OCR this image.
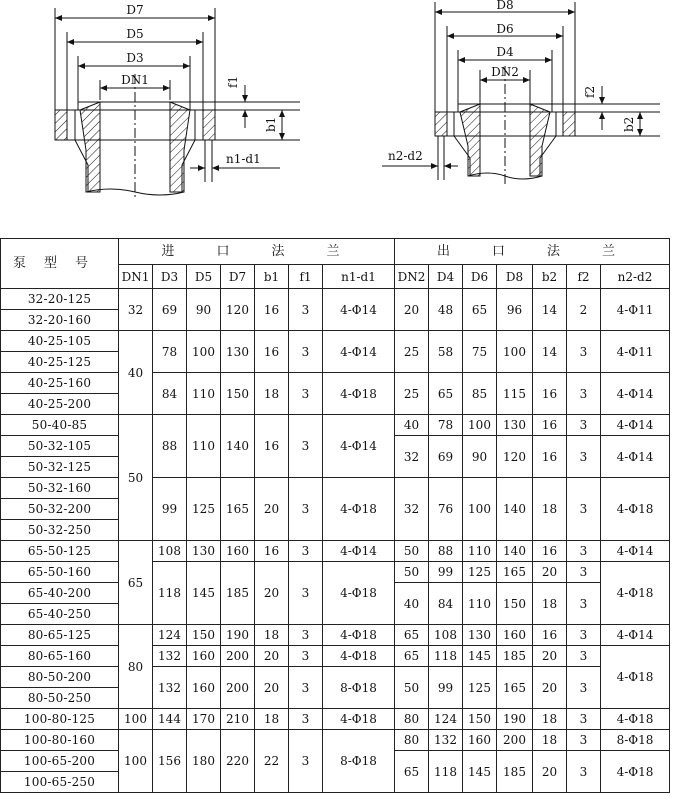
D7
D5
D3
DN1	f1
b1
n1-d1
D8
D6
D4
DN2
f2
b2
n2-d2
泵型号	进口法兰							出口法兰						
	DN1	D3	D5	D7	b1	f1	n1-d1	DN2	D4	D6	D8	b2	f2	n2-d2
32-20-125	32	69	90	120	16	3	4-Φ14	20	48	65	96	14	2	4-Φ11
32-20-160														
40-25-105	40	78	100	130	16	3	4-Φ14	25	58	75	100	14	3	4-Φ11
40-25-125														
40-25-160		84	110	150	18	3	4-Φ18	25	65	85	115	16	3	4-Φ14
40-25-200														
50-40-85	50	88	110	140	16	3	4-Φ14	40	78	100	130	16	3	4-Φ14
50-32-105								32	69	90	120	16	3	4-Φ14
50-32-125														
50-32-160		99	125	165	20	3	4-Φ18	32	76	100	140	18	3	4-Φ18
50-32-200														
50-32-250														
65-50-125	65	108	130	160	16	3	4-Φ14	50	88	110	140	16	3	4-Φ14
65-50-160		118	145	185	20	3	4-Φ18	50	99	125	165	20	3	4-Φ18
65-40-200								40	84	110	150	18	3	
65-40-250														
80-65-125	80	124	150	190	18	3	4-Φ18	65	108	130	160	16	3	4-Φ14
80-65-160		132	160	200	20	3	4-Φ18	65	118	145	185	20	3	4-Φ18
80-50-200		132	160	200	20	3	8-Φ18	50	99	125	165	20	3	
80-50-250														
100-80-125	100	144	170	210	18	3	4-Φ18	80	124	150	190	18	3	4-Φ18
100-80-160	100	156	180	220	22	3	8-Φ18	80	132	160	200	18	3	8-Φ18
100-65-200								65	118	145	185	20	3	4-Φ18
100-65-250														
